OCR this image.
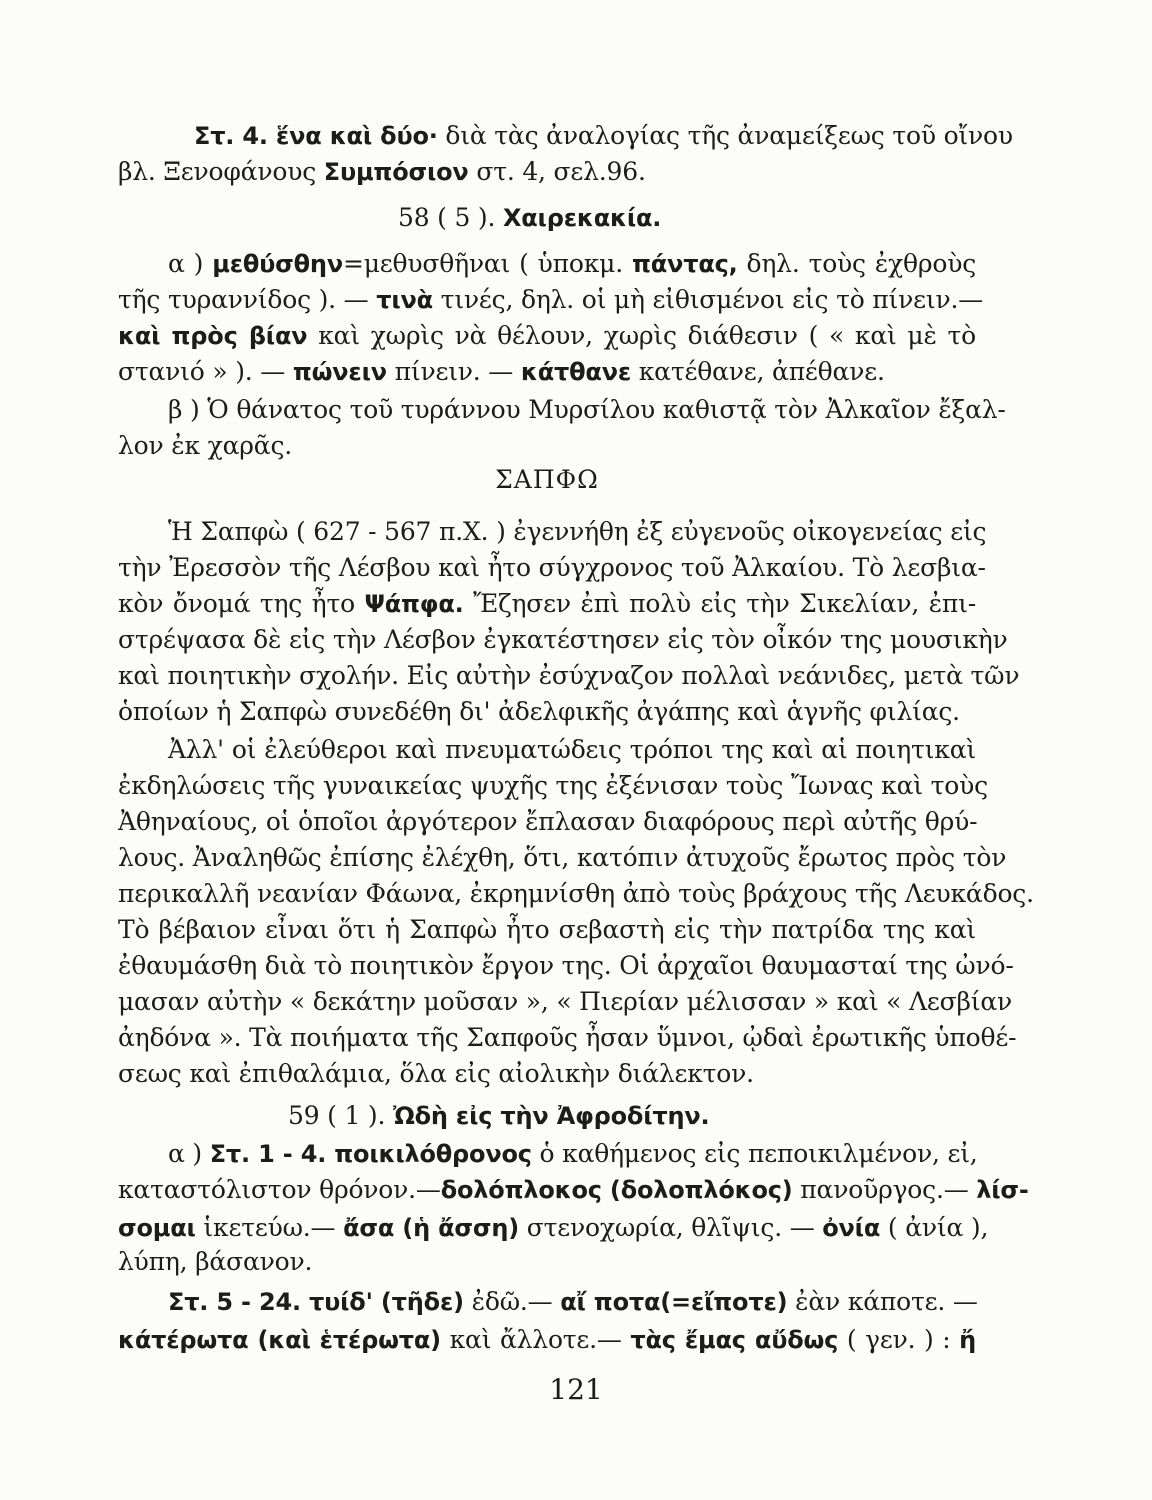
Στ. 4. ἕνα καὶ δύο· διὰ τὰς ἀναλογίας τῆς ἀναμείξεως τοῦ οἴνου
βλ. Ξενοφάνους Συμπόσιον στ. 4, σελ.96.
58 ( 5 ). Χαιρεκακία.
α ) μεθύσθην=μεθυσθῆναι ( ὑποκμ. πάντας, δηλ. τοὺς ἐχθροὺς
τῆς τυραννίδος ). — τινὰ τινές, δηλ. οἱ μὴ εἰθισμένοι εἰς τὸ πίνειν.—
καὶ πρὸς βίαν καὶ χωρὶς νὰ θέλουν, χωρὶς διάθεσιν ( « καὶ μὲ τὸ
στανιό » ). — πώνειν πίνειν. — κάτθανε κατέθανε, ἀπέθανε.
β ) Ὁ θάνατος τοῦ τυράννου Μυρσίλου καθιστᾷ τὸν Ἀλκαῖον ἔξαλ-
λον ἐκ χαρᾶς.
ΣΑΠΦΩ
Ἡ Σαπφὼ ( 627 - 567 π.Χ. ) ἐγεννήθη ἐξ εὐγενοῦς οἰκογενείας εἰς
τὴν Ἐρεσσὸν τῆς Λέσβου καὶ ἦτο σύγχρονος τοῦ Ἀλκαίου. Τὸ λεσβια-
κὸν ὄνομά της ἦτο Ψάπφα. Ἔζησεν ἐπὶ πολὺ εἰς τὴν Σικελίαν, ἐπι-
στρέψασα δὲ εἰς τὴν Λέσβον ἐγκατέστησεν εἰς τὸν οἶκόν της μουσικὴν
καὶ ποιητικὴν σχολήν. Εἰς αὐτὴν ἐσύχναζον πολλαὶ νεάνιδες, μετὰ τῶν
ὁποίων ἡ Σαπφὼ συνεδέθη δι' ἀδελφικῆς ἀγάπης καὶ ἁγνῆς φιλίας.
Ἀλλ' οἱ ἐλεύθεροι καὶ πνευματώδεις τρόποι της καὶ αἱ ποιητικαὶ
ἐκδηλώσεις τῆς γυναικείας ψυχῆς της ἐξένισαν τοὺς Ἴωνας καὶ τοὺς
Ἀθηναίους, οἱ ὁποῖοι ἀργότερον ἔπλασαν διαφόρους περὶ αὐτῆς θρύ-
λους. Ἀναληθῶς ἐπίσης ἐλέχθη, ὅτι, κατόπιν ἀτυχοῦς ἔρωτος πρὸς τὸν
περικαλλῆ νεανίαν Φάωνα, ἐκρημνίσθη ἀπὸ τοὺς βράχους τῆς Λευκάδος.
Τὸ βέβαιον εἶναι ὅτι ἡ Σαπφὼ ἦτο σεβαστὴ εἰς τὴν πατρίδα της καὶ
ἐθαυμάσθη διὰ τὸ ποιητικὸν ἔργον της. Οἱ ἀρχαῖοι θαυμασταί της ὠνό-
μασαν αὐτὴν « δεκάτην μοῦσαν », « Πιερίαν μέλισσαν » καὶ « Λεσβίαν
ἀηδόνα ». Τὰ ποιήματα τῆς Σαπφοῦς ἦσαν ὕμνοι, ᾠδαὶ ἐρωτικῆς ὑποθέ-
σεως καὶ ἐπιθαλάμια, ὅλα εἰς αἰολικὴν διάλεκτον.
59 ( 1 ). Ὠδὴ εἰς τὴν Ἀφροδίτην.
α ) Στ. 1 - 4. ποικιλόθρονος ὁ καθήμενος εἰς πεποικιλμένον, εἰ,
καταστόλιστον θρόνον.—δολόπλοκος (δολοπλόκος) πανοῦργος.— λίσ-
σομαι ἱκετεύω.— ἄσα (ἡ ἄσση) στενοχωρία, θλῖψις. — ὀνία ( ἀνία ),
λύπη, βάσανον.
Στ. 5 - 24. τυίδ' (τῆδε) ἐδῶ.— αἴ ποτα(=εἴποτε) ἐὰν κάποτε. —
κάτέρωτα (καὶ ἑτέρωτα) καὶ ἄλλοτε.— τὰς ἔμας αὔδως ( γεν. ) : ἤ
121
